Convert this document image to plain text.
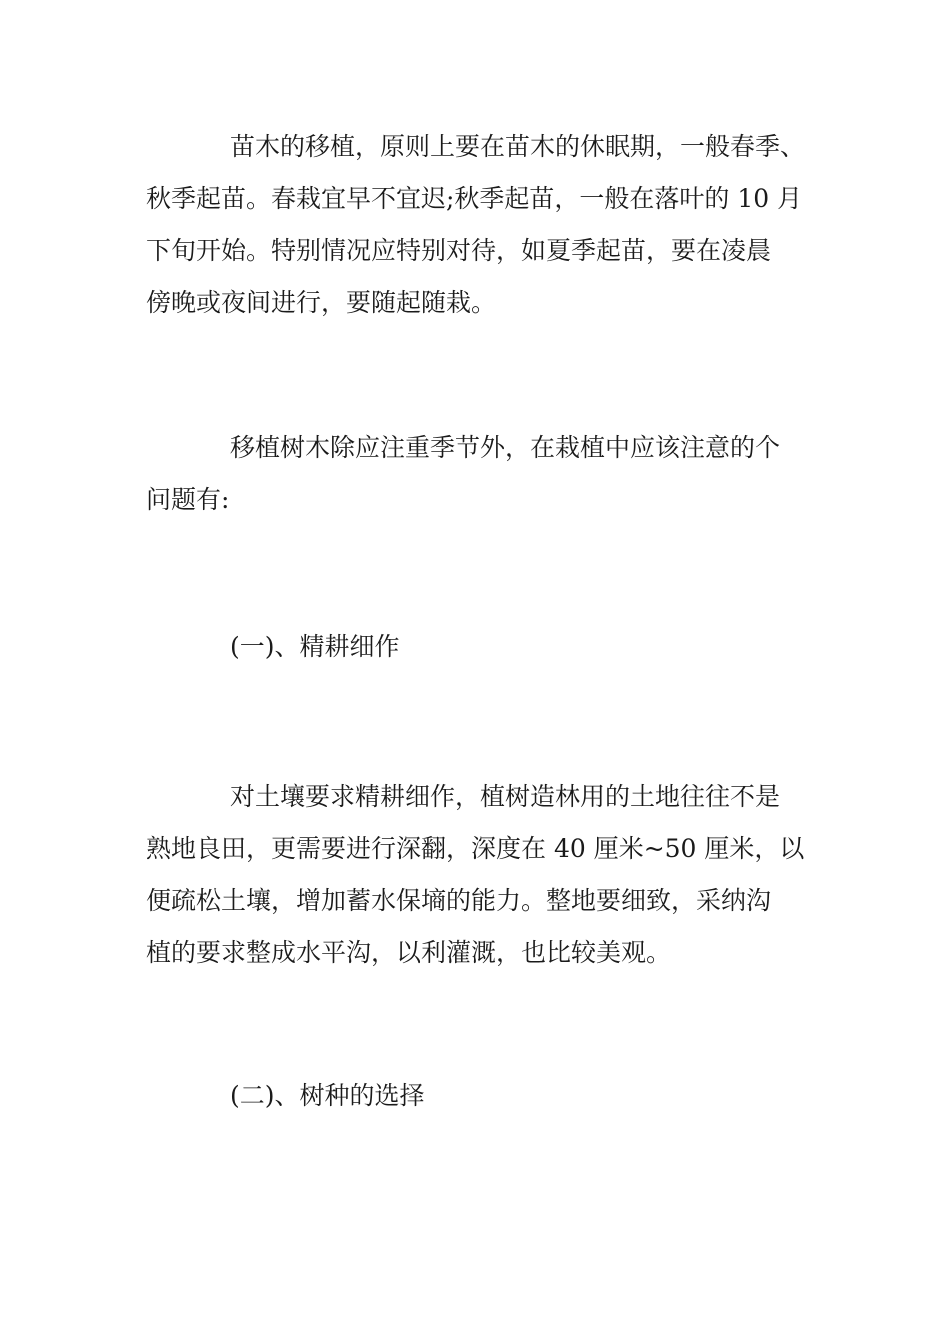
苗木的移植，原则上要在苗木的休眠期，一般春季、
秋季起苗。春栽宜早不宜迟;秋季起苗，一般在落叶的 10 月
下旬开始。特别情况应特别对待，如夏季起苗，要在凌晨
傍晚或夜间进行，要随起随栽。
移植树木除应注重季节外，在栽植中应该注意的个
问题有:
(一)、精耕细作
对土壤要求精耕细作，植树造林用的土地往往不是
熟地良田，更需要进行深翻，深度在 40 厘米~50 厘米，以
便疏松土壤，增加蓄水保墒的能力。整地要细致，采纳沟
植的要求整成水平沟，以利灌溉，也比较美观。
(二)、树种的选择
